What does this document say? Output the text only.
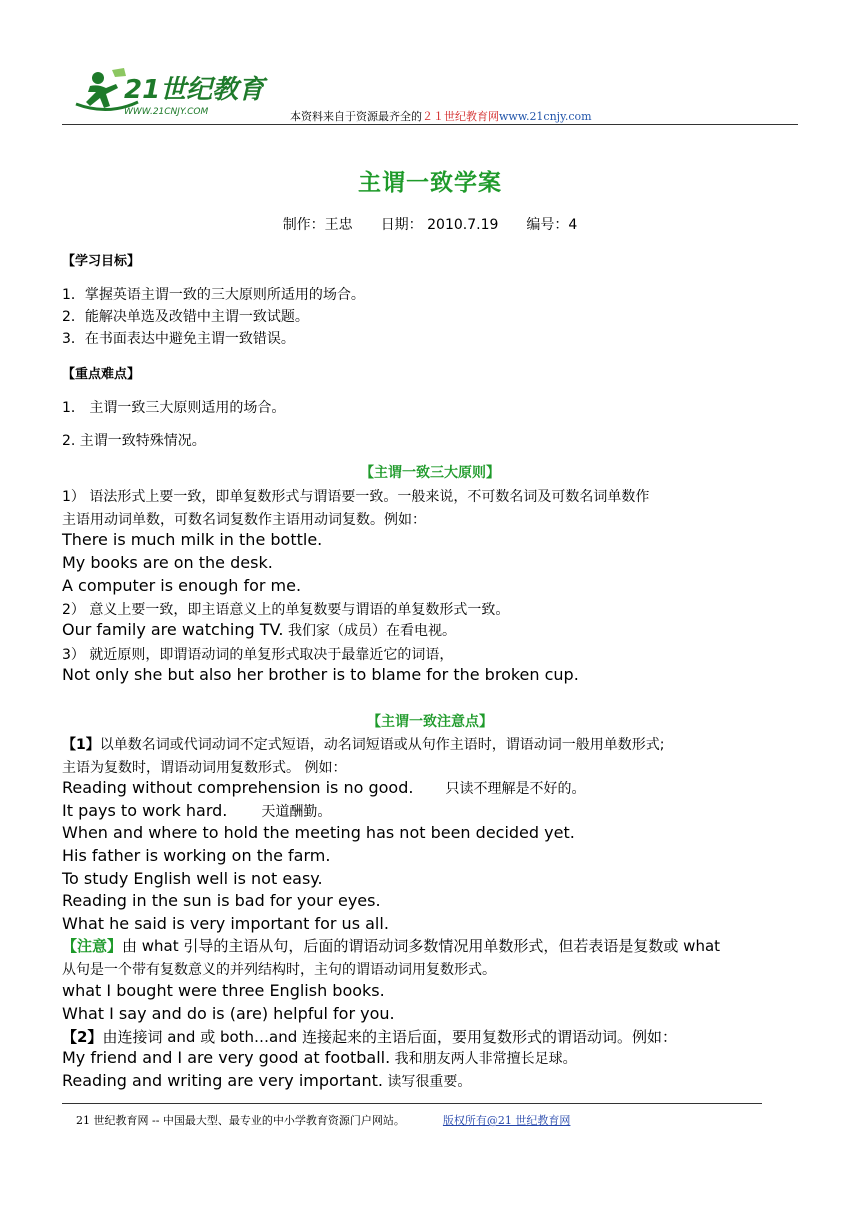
21世纪教育
WWW.21CNJY.COM	本资料来自于资源最齐全的２１世纪教育网www.21cnjy.com
主谓一致学案
制作：王忠 日期： 2010.7.19 编号：4
【学习目标】
1．掌握英语主谓一致的三大原则所适用的场合。
2．能解决单选及改错中主谓一致试题。
3．在书面表达中避免主谓一致错误。
【重点难点】
1． 主谓一致三大原则适用的场合。
2. 主谓一致特殊情况。
【主谓一致三大原则】
1） 语法形式上要一致，即单复数形式与谓语要一致。一般来说，不可数名词及可数名词单数作
主语用动词单数，可数名词复数作主语用动词复数。例如：
There is much milk in the bottle.
My books are on the desk.
A computer is enough for me.
2） 意义上要一致，即主语意义上的单复数要与谓语的单复数形式一致。
Our family are watching TV. 我们家（成员）在看电视。
3） 就近原则，即谓语动词的单复形式取决于最靠近它的词语，
Not only she but also her brother is to blame for the broken cup.
【主谓一致注意点】
【1】以单数名词或代词动词不定式短语，动名词短语或从句作主语时，谓语动词一般用单数形式;
主语为复数时，谓语动词用复数形式。 例如：
Reading without comprehension is no good. 只读不理解是不好的。
It pays to work hard. 天道酬勤。
When and where to hold the meeting has not been decided yet.
His father is working on the farm.
To study English well is not easy.
Reading in the sun is bad for your eyes.
What he said is very important for us all.
【注意】由 what 引导的主语从句，后面的谓语动词多数情况用单数形式，但若表语是复数或 what
从句是一个带有复数意义的并列结构时，主句的谓语动词用复数形式。
what I bought were three English books.
What I say and do is (are) helpful for you.
【2】由连接词 and 或 both…and 连接起来的主语后面，要用复数形式的谓语动词。例如：
My friend and I are very good at football. 我和朋友两人非常擅长足球。
Reading and writing are very important. 读写很重要。
21 世纪教育网 -- 中国最大型、最专业的中小学教育资源门户网站。	版权所有@21 世纪教育网
